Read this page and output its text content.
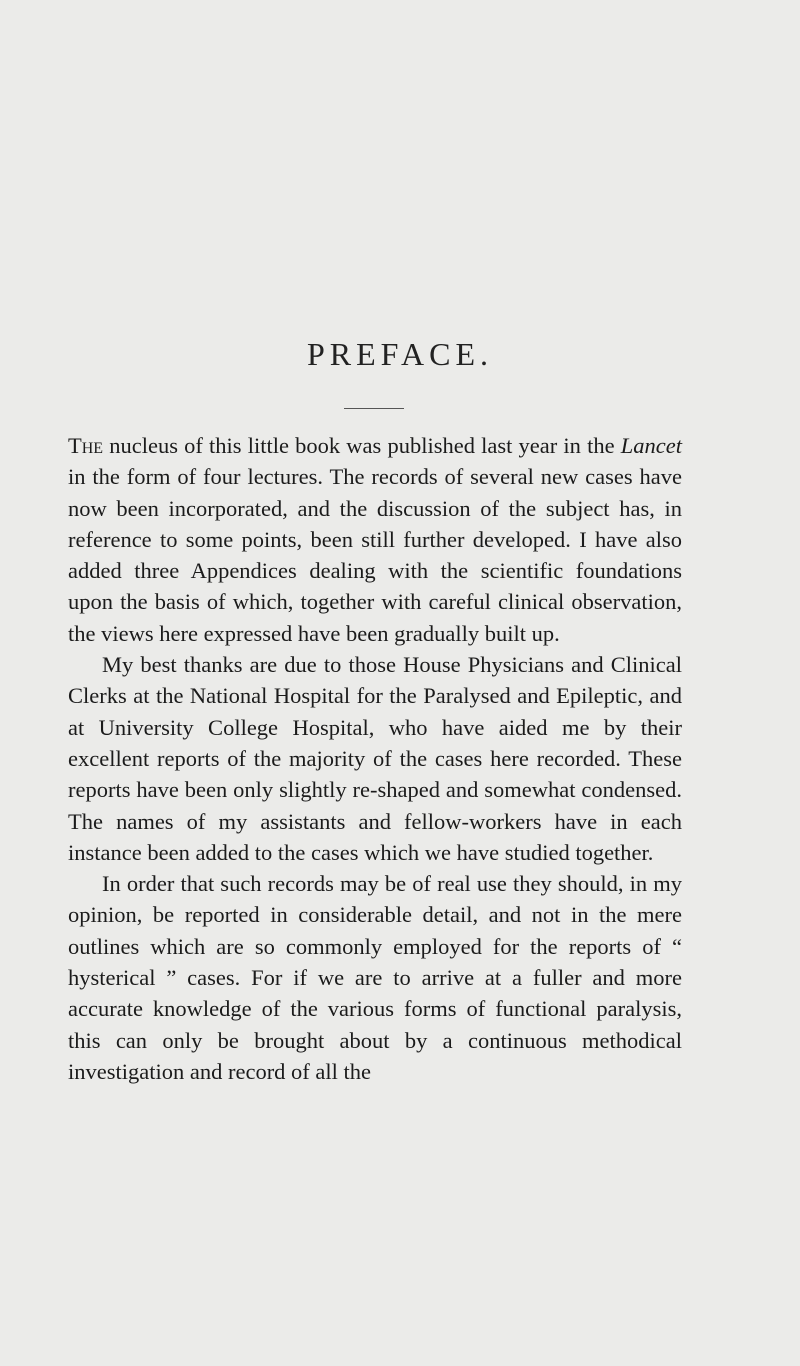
PREFACE.

The nucleus of this little book was published last year in the Lancet in the form of four lectures. The records of several new cases have now been incorporated, and the discussion of the subject has, in reference to some points, been still further developed. I have also added three Appendices dealing with the scientific foundations upon the basis of which, together with careful clinical observation, the views here expressed have been gradually built up.

My best thanks are due to those House Physicians and Clinical Clerks at the National Hospital for the Paralysed and Epileptic, and at University College Hospital, who have aided me by their excellent reports of the majority of the cases here recorded. These reports have been only slightly re-shaped and somewhat condensed. The names of my assistants and fellow-workers have in each instance been added to the cases which we have studied together.

In order that such records may be of real use they should, in my opinion, be reported in considerable detail, and not in the mere outlines which are so commonly employed for the reports of “ hysterical ” cases. For if we are to arrive at a fuller and more accurate knowledge of the various forms of functional paralysis, this can only be brought about by a continuous methodical investigation and record of all the
